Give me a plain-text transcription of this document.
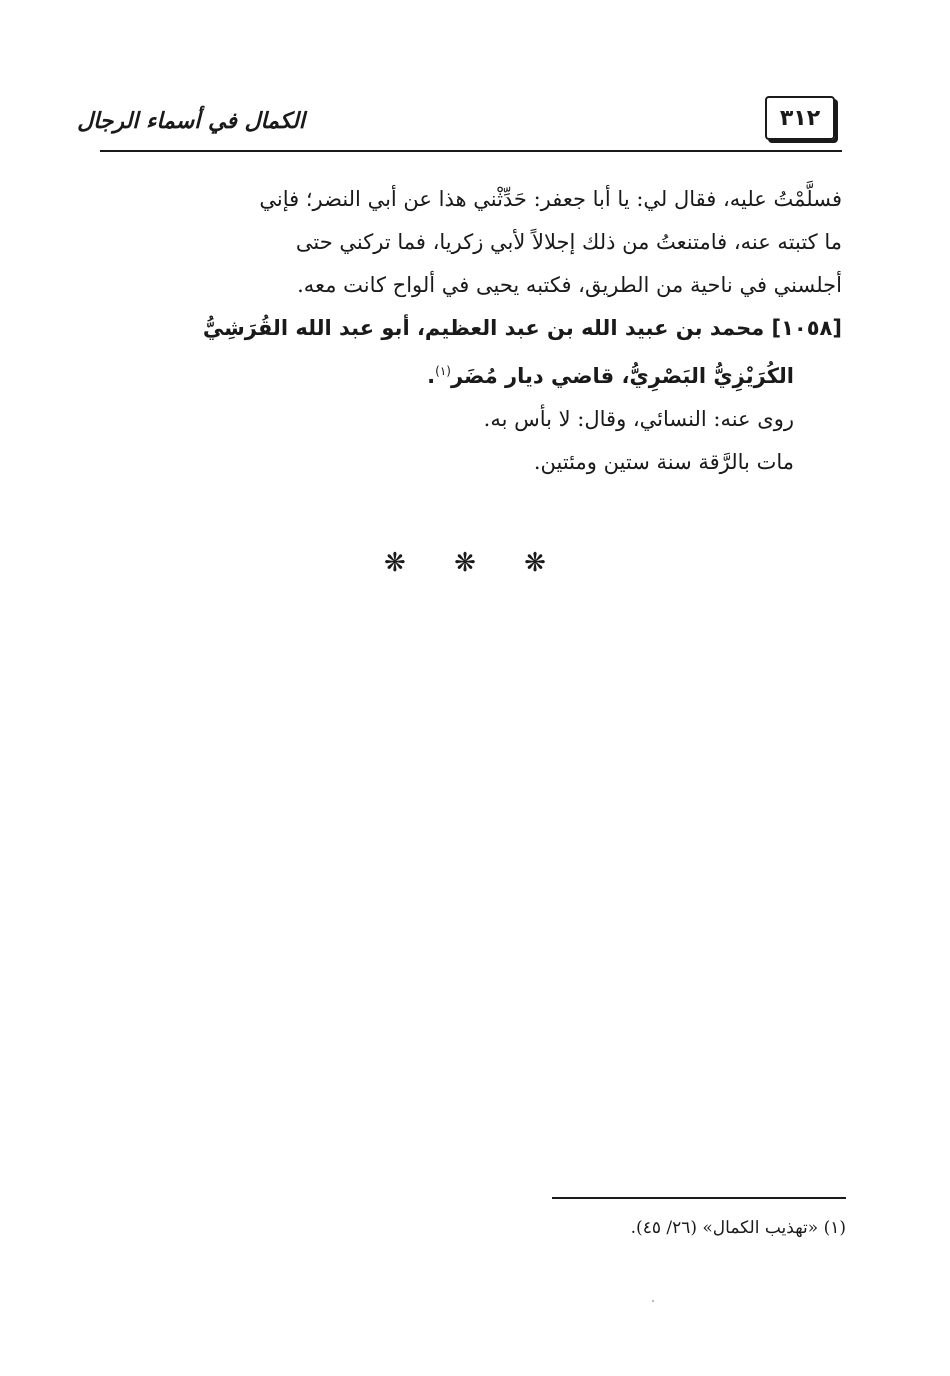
٣١٢
الكمال في أسماء الرجال

فسلَّمْتُ عليه، فقال لي: يا أبا جعفر: حَدِّثْني هذا عن أبي النضر؛ فإني

ما كتبته عنه، فامتنعتُ من ذلك إجلالاً لأبي زكريا، فما تركني حتى

أجلسني في ناحية من الطريق، فكتبه يحيى في ألواح كانت معه.

[١٠٥٨] محمد بن عبيد الله بن عبد العظيم، أبو عبد الله القُرَشِيُّ

الكُرَيْزِيُّ البَصْرِيُّ، قاضي ديار مُضَر$^{(١)}$.

روى عنه: النسائي، وقال: لا بأس به.

مات بالرَّقة سنة ستين ومئتين.

❋ ❋ ❋
(١) «تهذيب الكمال» (٢٦/ ٤٥).
